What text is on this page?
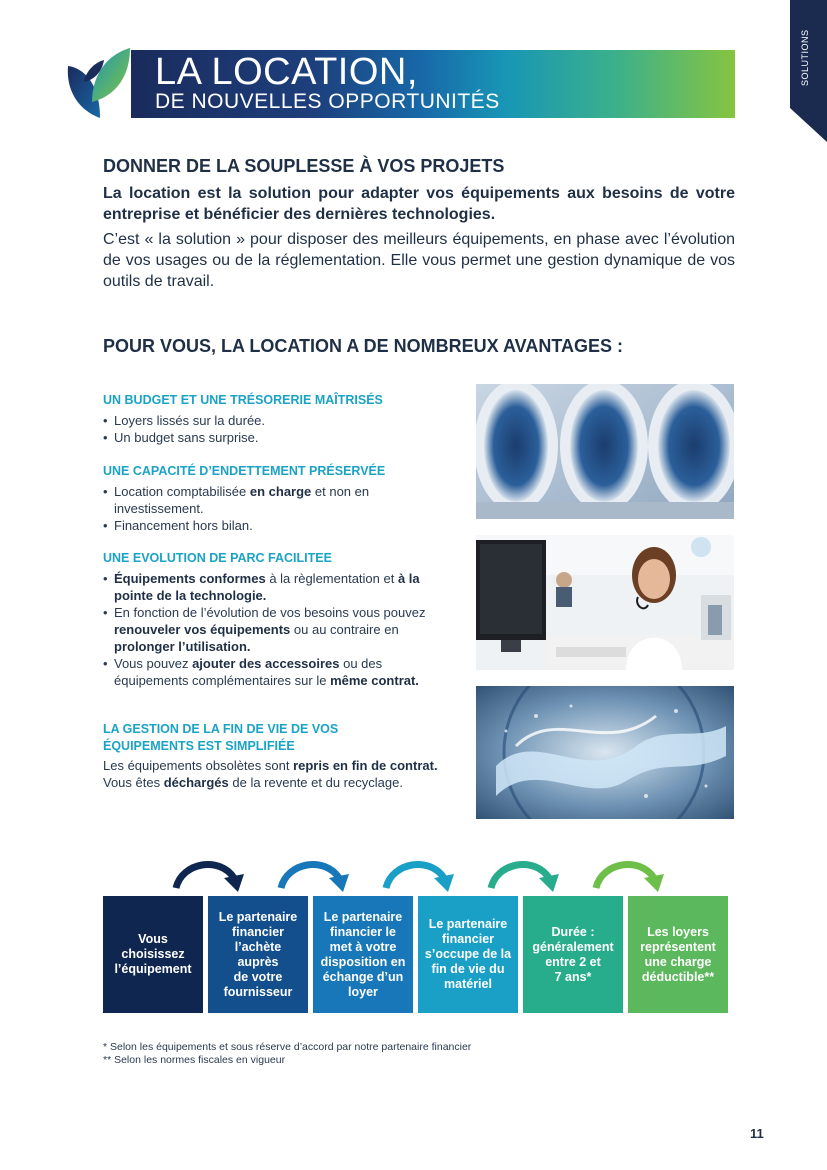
SOLUTIONS
LA LOCATION,
DE NOUVELLES OPPORTUNITÉS
DONNER DE LA SOUPLESSE À VOS PROJETS
La location est la solution pour adapter vos équipements aux besoins de votre entreprise et bénéficier des dernières technologies.
C’est « la solution » pour disposer des meilleurs équipements, en phase avec l’évolution de vos usages ou de la réglementation. Elle vous permet une gestion dynamique de vos outils de travail.
POUR VOUS, LA LOCATION A DE NOMBREUX AVANTAGES :
UN BUDGET ET UNE TRÉSORERIE MAÎTRISÉS
• Loyers lissés sur la durée.
• Un budget sans surprise.
UNE CAPACITÉ D’ENDETTEMENT PRÉSERVÉE
• Location comptabilisée en charge et non en investissement.
• Financement hors bilan.
UNE EVOLUTION DE PARC FACILITEE
• Équipements conformes à la règlementation et à la pointe de la technologie.
• En fonction de l’évolution de vos besoins vous pouvez renouveler vos équipements ou au contraire en prolonger l’utilisation.
• Vous pouvez ajouter des accessoires ou des équipements complémentaires sur le même contrat.
LA GESTION DE LA FIN DE VIE DE VOS
ÉQUIPEMENTS EST SIMPLIFIÉE
Les équipements obsolètes sont repris en fin de contrat. Vous êtes déchargés de la revente et du recyclage.
Vous
choisissez
l’équipement
Le partenaire
financier
l’achète
auprès
de votre
fournisseur
Le partenaire
financier le
met à votre
disposition en
échange d’un
loyer
Le partenaire
financier
s’occupe de la
fin de vie du
matériel
Durée :
généralement
entre 2 et
7 ans*
Les loyers
représentent
une charge
déductible**
* Selon les équipements et sous réserve d’accord par notre partenaire financier
** Selon les normes fiscales en vigueur
11
